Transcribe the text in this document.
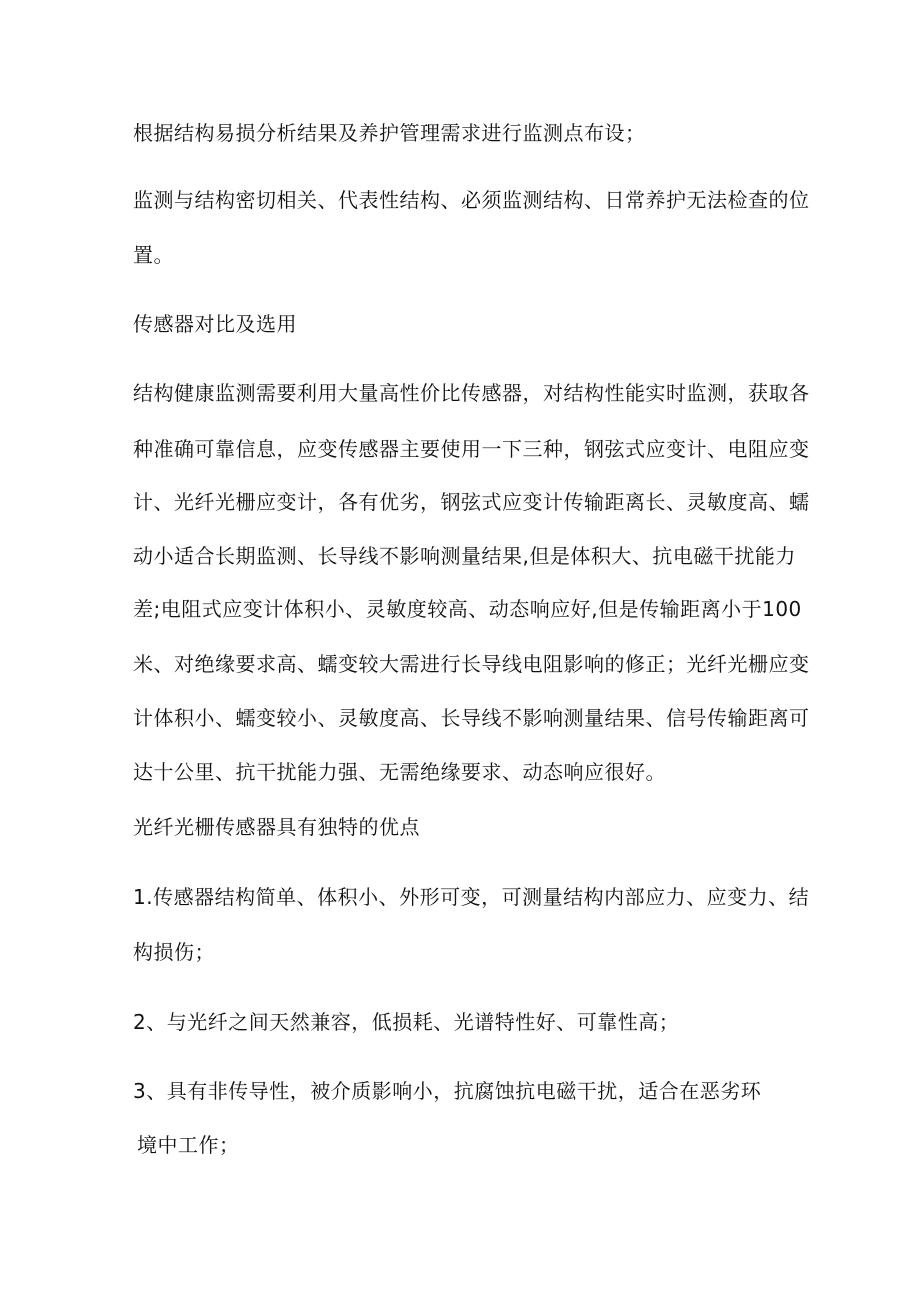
根据结构易损分析结果及养护管理需求进行监测点布设；

监测与结构密切相关、代表性结构、必须监测结构、日常养护无法检查的位

置。

传感器对比及选用

结构健康监测需要利用大量高性价比传感器，对结构性能实时监测，获取各

种准确可靠信息，应变传感器主要使用一下三种，钢弦式应变计、电阻应变

计、光纤光栅应变计，各有优劣，钢弦式应变计传输距离长、灵敏度高、蠕

动小适合长期监测、长导线不影响测量结果,但是体积大、抗电磁干扰能力

差;电阻式应变计体积小、灵敏度较高、动态响应好,但是传输距离小于100

米、对绝缘要求高、蠕变较大需进行长导线电阻影响的修正；光纤光栅应变

计体积小、蠕变较小、灵敏度高、长导线不影响测量结果、信号传输距离可

达十公里、抗干扰能力强、无需绝缘要求、动态响应很好。

光纤光栅传感器具有独特的优点

1.传感器结构简单、体积小、外形可变，可测量结构内部应力、应变力、结

构损伤；

2、与光纤之间天然兼容，低损耗、光谱特性好、可靠性高；

3、具有非传导性，被介质影响小，抗腐蚀抗电磁干扰，适合在恶劣环

境中工作；
